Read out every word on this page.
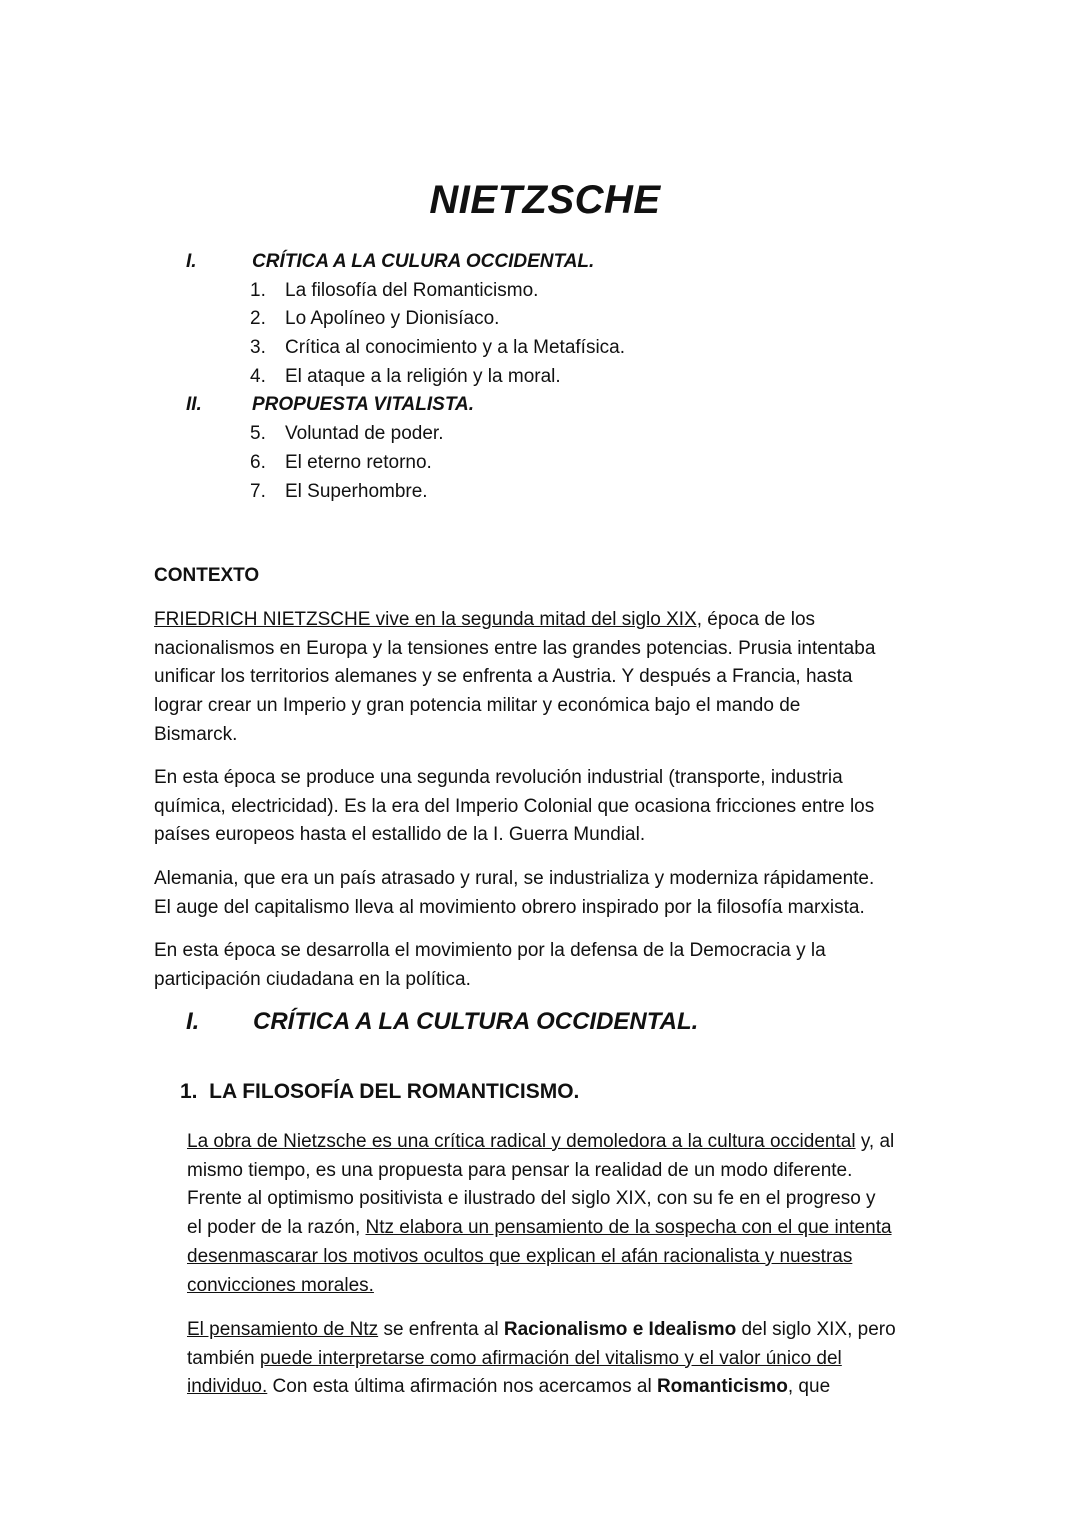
NIETZSCHE
I.	CRÍTICA A LA CULURA OCCIDENTAL.
1. La filosofía del Romanticismo.
2. Lo Apolíneo y Dionisíaco.
3. Crítica al conocimiento y a la Metafísica.
4. El ataque a la religión y la moral.
II.	PROPUESTA VITALISTA.
5. Voluntad de poder.
6. El eterno retorno.
7. El Superhombre.
CONTEXTO

FRIEDRICH NIETZSCHE vive en la segunda mitad del siglo XIX, época de los
nacionalismos en Europa y la tensiones entre las grandes potencias. Prusia intentaba
unificar los territorios alemanes y se enfrenta a Austria. Y después a Francia, hasta
lograr crear un Imperio y gran potencia militar y económica bajo el mando de
Bismarck.

En esta época se produce una segunda revolución industrial (transporte, industria
química, electricidad). Es la era del Imperio Colonial que ocasiona fricciones entre los
países europeos hasta el estallido de la I. Guerra Mundial.

Alemania, que era un país atrasado y rural, se industrializa y moderniza rápidamente.
El auge del capitalismo lleva al movimiento obrero inspirado por la filosofía marxista.

En esta época se desarrolla el movimiento por la defensa de la Democracia y la
participación ciudadana en la política.

I. CRÍTICA A LA CULTURA OCCIDENTAL.
1.  LA FILOSOFÍA DEL ROMANTICISMO.

La obra de Nietzsche es una crítica radical y demoledora a la cultura occidental y, al
mismo tiempo, es una propuesta para pensar la realidad de un modo diferente.
Frente al optimismo positivista e ilustrado del siglo XIX, con su fe en el progreso y
el poder de la razón, Ntz elabora un pensamiento de la sospecha con el que intenta
desenmascarar los motivos ocultos que explican el afán racionalista y nuestras
convicciones morales.

El pensamiento de Ntz se enfrenta al Racionalismo e Idealismo del siglo XIX, pero
también puede interpretarse como afirmación del vitalismo y el valor único del
individuo. Con esta última afirmación nos acercamos al Romanticismo, que
